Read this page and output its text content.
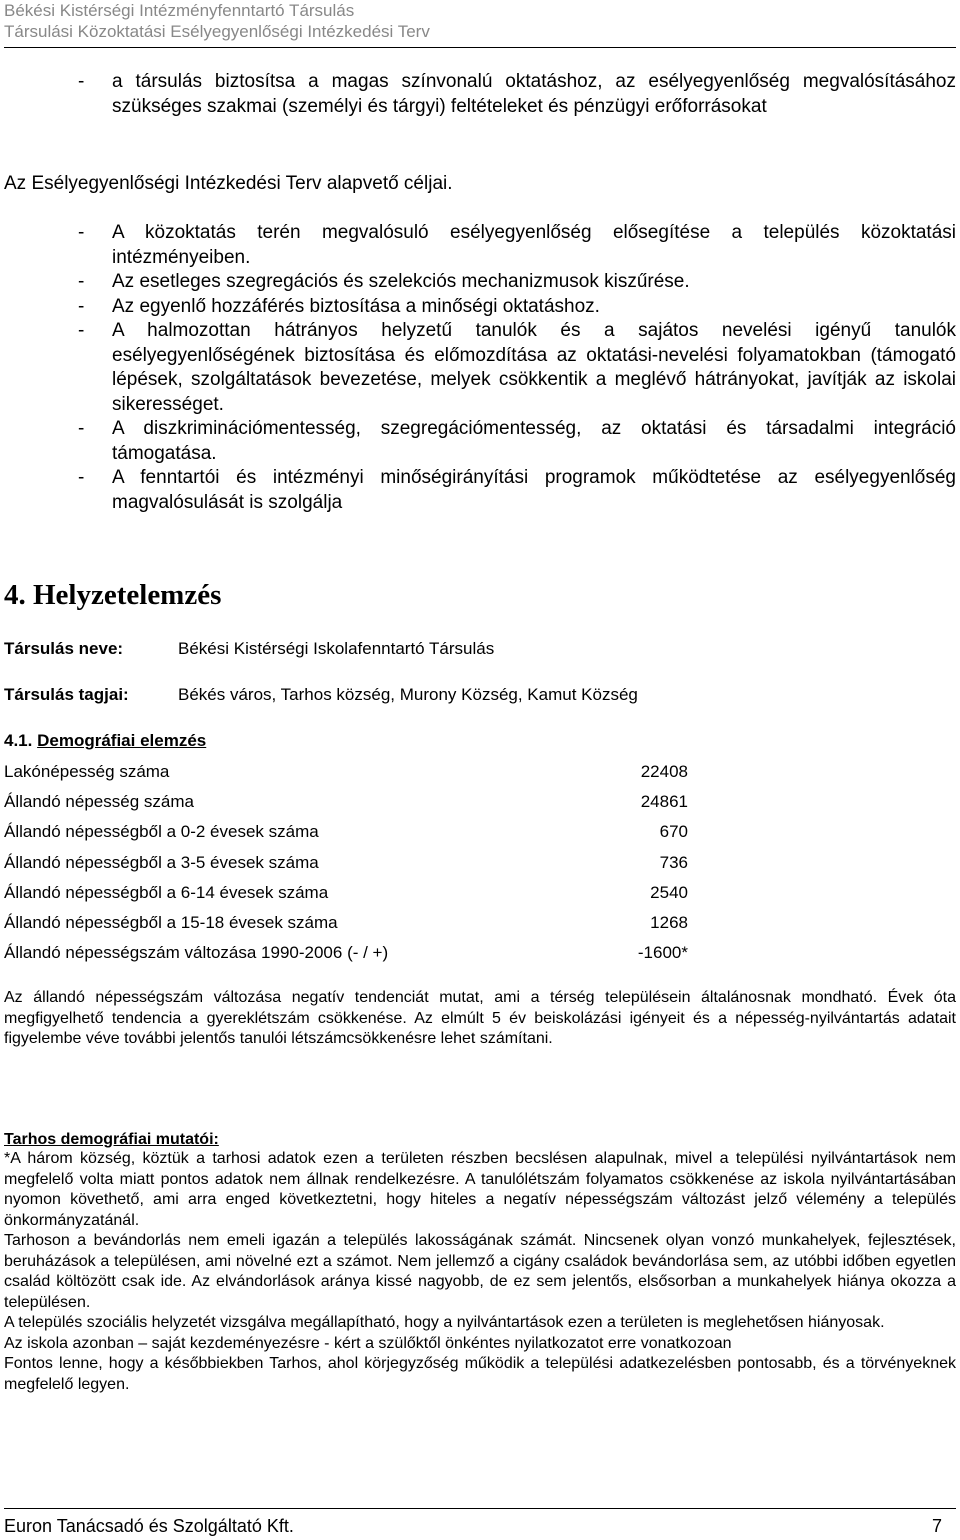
Békési Kistérségi Intézményfenntartó Társulás
Társulási Közoktatási Esélyegyenlőségi Intézkedési Terv
- a társulás biztosítsa a magas színvonalú oktatáshoz, az esélyegyenlőség megvalósításához szükséges szakmai (személyi és tárgyi) feltételeket és pénzügyi erőforrásokat
Az Esélyegyenlőségi Intézkedési Terv alapvető céljai.
- A közoktatás terén megvalósuló esélyegyenlőség elősegítése a település közoktatási intézményeiben.
- Az esetleges szegregációs és szelekciós mechanizmusok kiszűrése.
- Az egyenlő hozzáférés biztosítása a minőségi oktatáshoz.
- A halmozottan hátrányos helyzetű tanulók és a sajátos nevelési igényű tanulók esélyegyenlőségének biztosítása és előmozdítása az oktatási-nevelési folyamatokban (támogató lépések, szolgáltatások bevezetése, melyek csökkentik a meglévő hátrányokat, javítják az iskolai sikerességet.
- A diszkriminációmentesség, szegregációmentesség, az oktatási és társadalmi integráció támogatása.
- A fenntartói és intézményi minőségirányítási programok működtetése az esélyegyenlőség magvalósulását is szolgálja
4. Helyzetelemzés
Társulás neve:	Békési Kistérségi Iskolafenntartó Társulás
Társulás tagjai:	Békés város, Tarhos község, Murony Község, Kamut Község
4.1. Demográfiai elemzés
Lakónépesség száma	22408
Állandó népesség száma	24861
Állandó népességből a 0-2 évesek száma	670
Állandó népességből a 3-5 évesek száma	736
Állandó népességből a 6-14 évesek száma	2540
Állandó népességből a 15-18 évesek száma	1268
Állandó népességszám változása 1990-2006 (- / +)	-1600*

Az állandó népességszám változása negatív tendenciát mutat, ami a térség településein általánosnak mondható. Évek óta megfigyelhető tendencia a gyereklétszám csökkenése. Az elmúlt 5 év beiskolázási igényeit és a népesség-nyilvántartás adatait figyelembe véve további jelentős tanulói létszámcsökkenésre lehet számítani.

Tarhos demográfiai mutatói:

*A három község, köztük a tarhosi adatok ezen a területen részben becslésen alapulnak, mivel a települési nyilvántartások nem megfelelő volta miatt pontos adatok nem állnak rendelkezésre. A tanulólétszám folyamatos csökkenése az iskola nyilvántartásában nyomon követhető, ami arra enged következtetni, hogy hiteles a negatív népességszám változást jelző vélemény a település önkormányzatánál.

Tarhoson a bevándorlás nem emeli igazán a település lakosságának számát. Nincsenek olyan vonzó munkahelyek, fejlesztések, beruházások a településen, ami növelné ezt a számot. Nem jellemző a cigány családok bevándorlása sem, az utóbbi időben egyetlen család költözött csak ide. Az elvándorlások aránya kissé nagyobb, de ez sem jelentős, elsősorban a munkahelyek hiánya okozza a településen.

A település szociális helyzetét vizsgálva megállapítható, hogy a nyilvántartások ezen a területen is meglehetősen hiányosak.

Az iskola azonban – saját kezdeményezésre - kért a szülőktől önkéntes nyilatkozatot erre vonatkozoan

Fontos lenne, hogy a későbbiekben Tarhos, ahol körjegyzőség működik a települési adatkezelésben pontosabb, és a törvényeknek megfelelő legyen.

Euron Tanácsadó és Szolgáltató Kft.	7
